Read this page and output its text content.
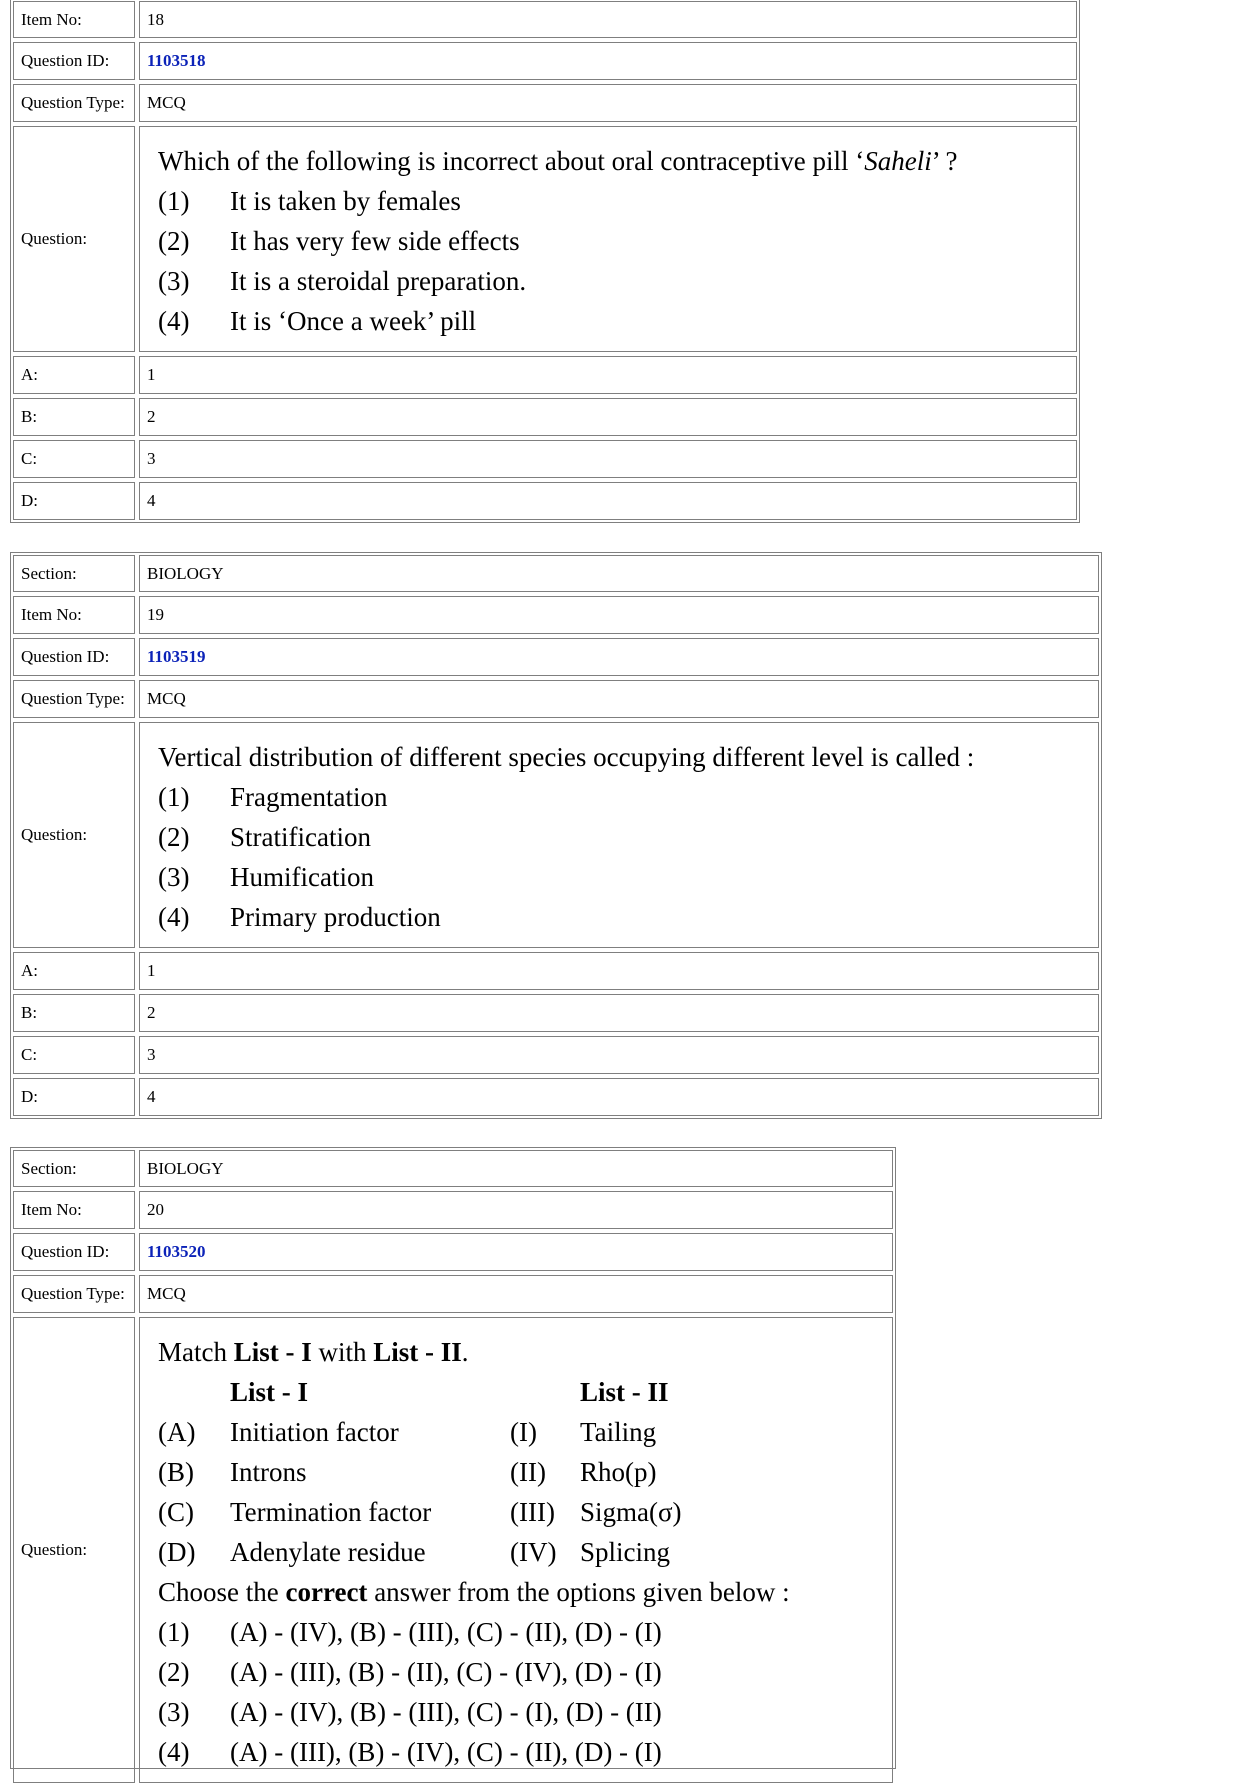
Item No:	18
Question ID:	1103518
Question Type:	MCQ
Question:
Which of the following is incorrect about oral contraceptive pill ‘Saheli’ ?
(1)	It is taken by females
(2)	It has very few side effects
(3)	It is a steroidal preparation.
(4)	It is ‘Once a week’ pill
A:	1
B:	2
C:	3
D:	4
Section:	BIOLOGY
Item No:	19
Question ID:	1103519
Question Type:	MCQ
Question:
Vertical distribution of different species occupying different level is called :
(1)	Fragmentation
(2)	Stratification
(3)	Humification
(4)	Primary production
A:	1
B:	2
C:	3
D:	4
Section:	BIOLOGY
Item No:	20
Question ID:	1103520
Question Type:	MCQ
Question:
Match List - I with List - II.
List - I	List - II
(A)	Initiation factor	(I)	Tailing
(B)	Introns	(II)	Rho(p)
(C)	Termination factor	(III) Sigma(σ)
(D)	Adenylate residue	(IV) Splicing
Choose the correct answer from the options given below :
(1)	(A) - (IV), (B) - (III), (C) - (II), (D) - (I)
(2)	(A) - (III), (B) - (II), (C) - (IV), (D) - (I)
(3)	(A) - (IV), (B) - (III), (C) - (I), (D) - (II)
(4)	(A) - (III), (B) - (IV), (C) - (II), (D) - (I)
